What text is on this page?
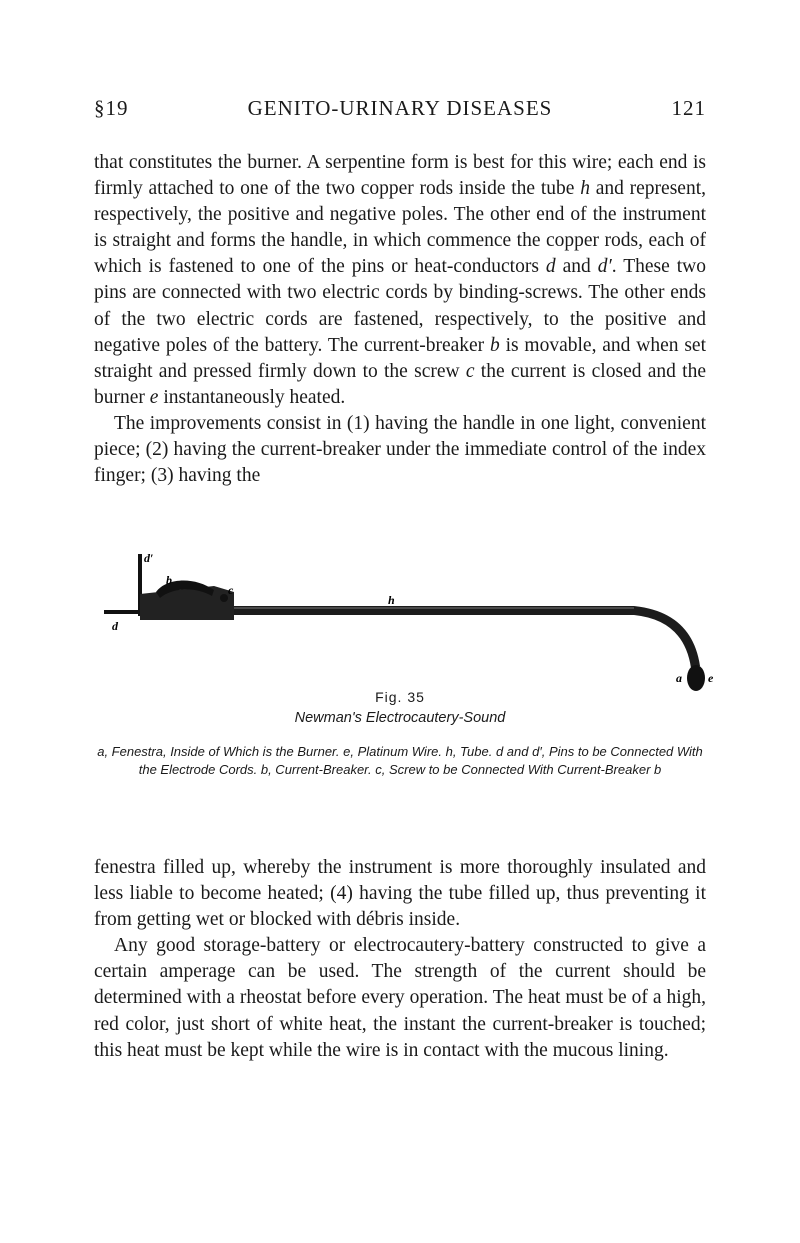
§19	GENITO-URINARY DISEASES	121
that constitutes the burner. A serpentine form is best for this wire; each end is firmly attached to one of the two copper rods inside the tube h and represent, respectively, the positive and negative poles. The other end of the instrument is straight and forms the handle, in which commence the copper rods, each of which is fastened to one of the pins or heat-conductors d and d′. These two pins are connected with two electric cords by binding-screws. The other ends of the two electric cords are fastened, respectively, to the positive and negative poles of the battery. The current-breaker b is movable, and when set straight and pressed firmly down to the screw c the current is closed and the burner e instantaneously heated.
The improvements consist in (1) having the handle in one light, convenient piece; (2) having the current-breaker under the immediate control of the index finger; (3) having the
d′
b
c
h
d
a e
Fig. 35
Newman's Electrocautery-Sound

a, Fenestra, Inside of Which is the Burner. e, Platinum Wire. h, Tube. d and d′, Pins to be Connected With the Electrode Cords. b, Current-Breaker. c, Screw to be Connected With Current-Breaker b

fenestra filled up, whereby the instrument is more thoroughly insulated and less liable to become heated; (4) having the tube filled up, thus preventing it from getting wet or blocked with débris inside.
Any good storage-battery or electrocautery-battery constructed to give a certain amperage can be used. The strength of the current should be determined with a rheostat before every operation. The heat must be of a high, red color, just short of white heat, the instant the current-breaker is touched; this heat must be kept while the wire is in contact with the mucous lining.
